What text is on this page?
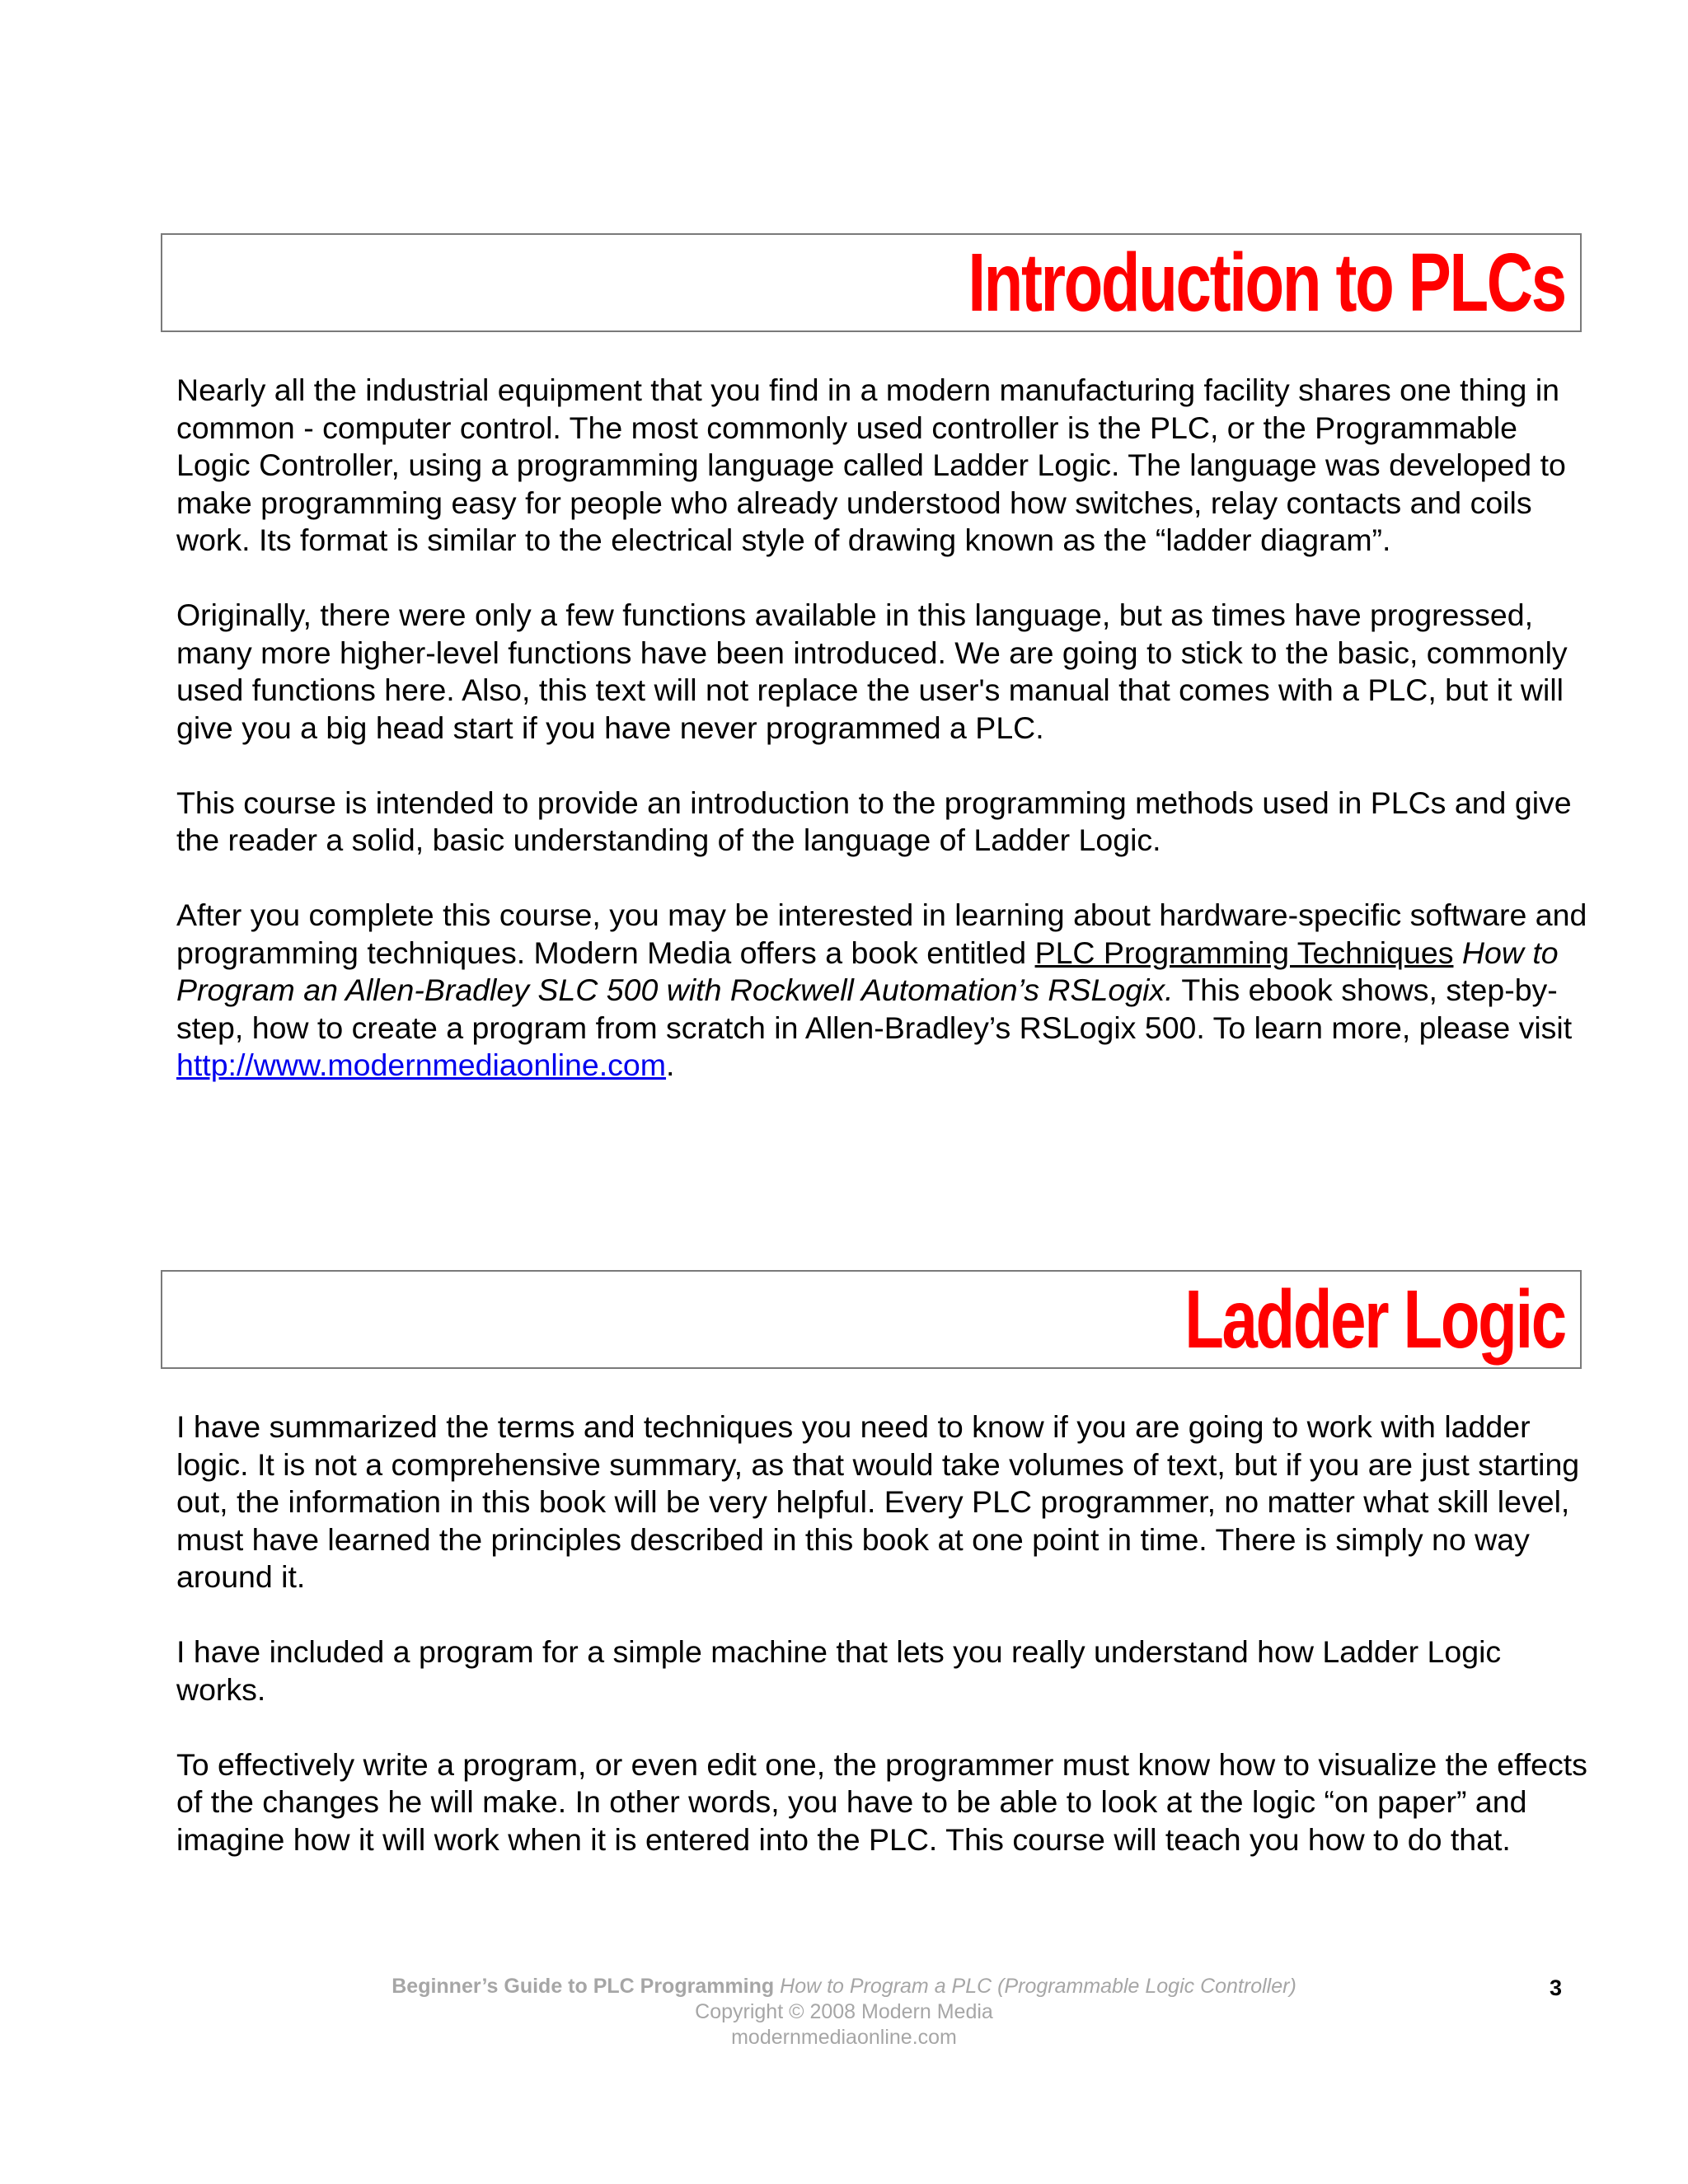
Introduction to PLCs

Nearly all the industrial equipment that you find in a modern manufacturing facility shares one thing in common - computer control. The most commonly used controller is the PLC, or the Programmable Logic Controller, using a programming language called Ladder Logic. The language was developed to make programming easy for people who already understood how switches, relay contacts and coils work. Its format is similar to the electrical style of drawing known as the “ladder diagram”.

Originally, there were only a few functions available in this language, but as times have progressed, many more higher-level functions have been introduced. We are going to stick to the basic, commonly used functions here. Also, this text will not replace the user's manual that comes with a PLC, but it will give you a big head start if you have never programmed a PLC.

This course is intended to provide an introduction to the programming methods used in PLCs and give the reader a solid, basic understanding of the language of Ladder Logic.

After you complete this course, you may be interested in learning about hardware-specific software and programming techniques. Modern Media offers a book entitled PLC Programming Techniques How to Program an Allen-Bradley SLC 500 with Rockwell Automation’s RSLogix. This ebook shows, step-by-step, how to create a program from scratch in Allen-Bradley’s RSLogix 500. To learn more, please visit http://www.modernmediaonline.com.

Ladder Logic

I have summarized the terms and techniques you need to know if you are going to work with ladder logic. It is not a comprehensive summary, as that would take volumes of text, but if you are just starting out, the information in this book will be very helpful. Every PLC programmer, no matter what skill level, must have learned the principles described in this book at one point in time. There is simply no way around it.

I have included a program for a simple machine that lets you really understand how Ladder Logic works.

To effectively write a program, or even edit one, the programmer must know how to visualize the effects of the changes he will make. In other words, you have to be able to look at the logic “on paper” and imagine how it will work when it is entered into the PLC. This course will teach you how to do that.

Beginner’s Guide to PLC Programming How to Program a PLC (Programmable Logic Controller)
Copyright © 2008 Modern Media
modernmediaonline.com
3
